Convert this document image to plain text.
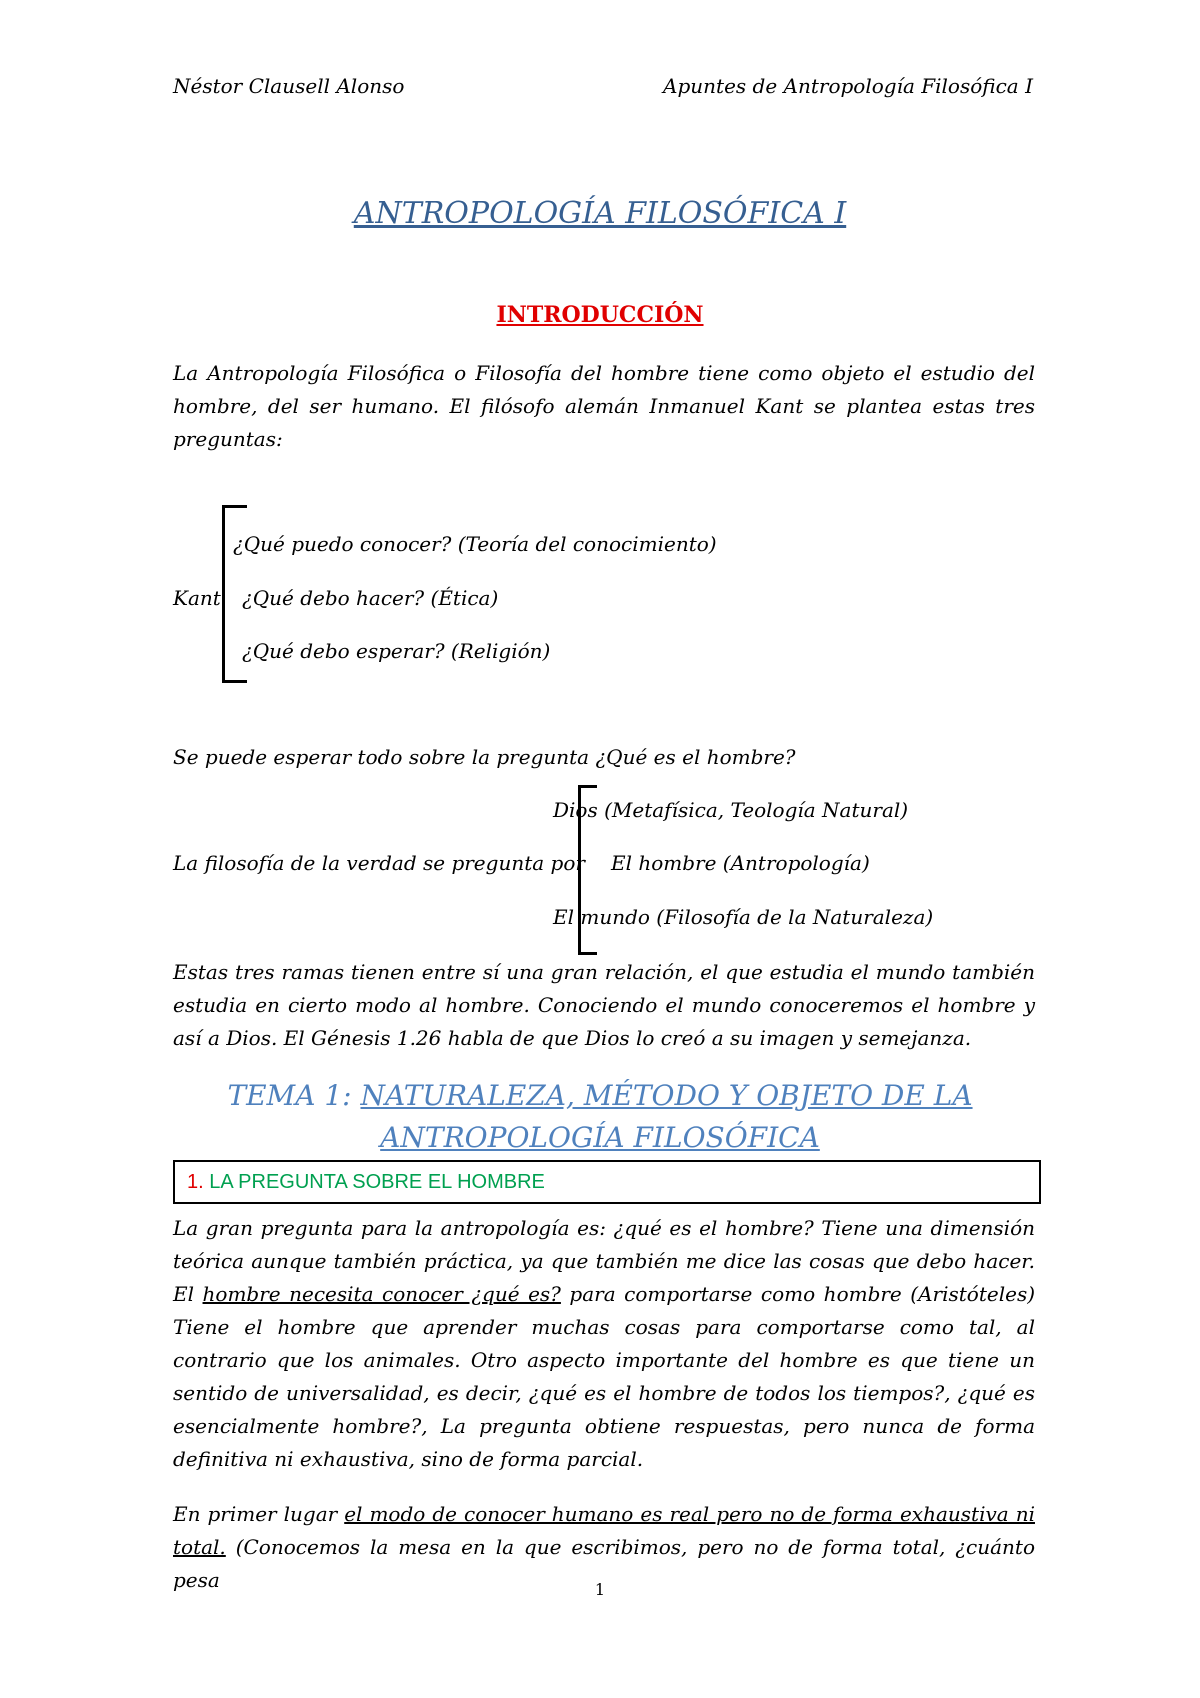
Néstor Clausell Alonso	Apuntes de Antropología Filosófica I
ANTROPOLOGÍA FILOSÓFICA I
INTRODUCCIÓN
La Antropología Filosófica o Filosofía del hombre tiene como objeto el estudio del hombre, del ser humano. El filósofo alemán Inmanuel Kant se plantea estas tres preguntas:
Kant
¿Qué puedo conocer? (Teoría del conocimiento)
¿Qué debo hacer? (Ética)
¿Qué debo esperar? (Religión)
Se puede esperar todo sobre la pregunta ¿Qué es el hombre?
Dios (Metafísica, Teología Natural)
La filosofía de la verdad se pregunta por El hombre (Antropología)
El mundo (Filosofía de la Naturaleza)
Estas tres ramas tienen entre sí una gran relación, el que estudia el mundo también estudia en cierto modo al hombre. Conociendo el mundo conoceremos el hombre y así a Dios. El Génesis 1.26 habla de que Dios lo creó a su imagen y semejanza.
TEMA 1: NATURALEZA, MÉTODO Y OBJETO DE LA
ANTROPOLOGÍA FILOSÓFICA
1. LA PREGUNTA SOBRE EL HOMBRE
La gran pregunta para la antropología es: ¿qué es el hombre? Tiene una dimensión teórica aunque también práctica, ya que también me dice las cosas que debo hacer. El hombre necesita conocer ¿qué es? para comportarse como hombre (Aristóteles) Tiene el hombre que aprender muchas cosas para comportarse como tal, al contrario que los animales. Otro aspecto importante del hombre es que tiene un sentido de universalidad, es decir, ¿qué es el hombre de todos los tiempos?, ¿qué es esencialmente hombre?, La pregunta obtiene respuestas, pero nunca de forma definitiva ni exhaustiva, sino de forma parcial.
En primer lugar el modo de conocer humano es real pero no de forma exhaustiva ni total. (Conocemos la mesa en la que escribimos, pero no de forma total, ¿cuánto pesa	1
